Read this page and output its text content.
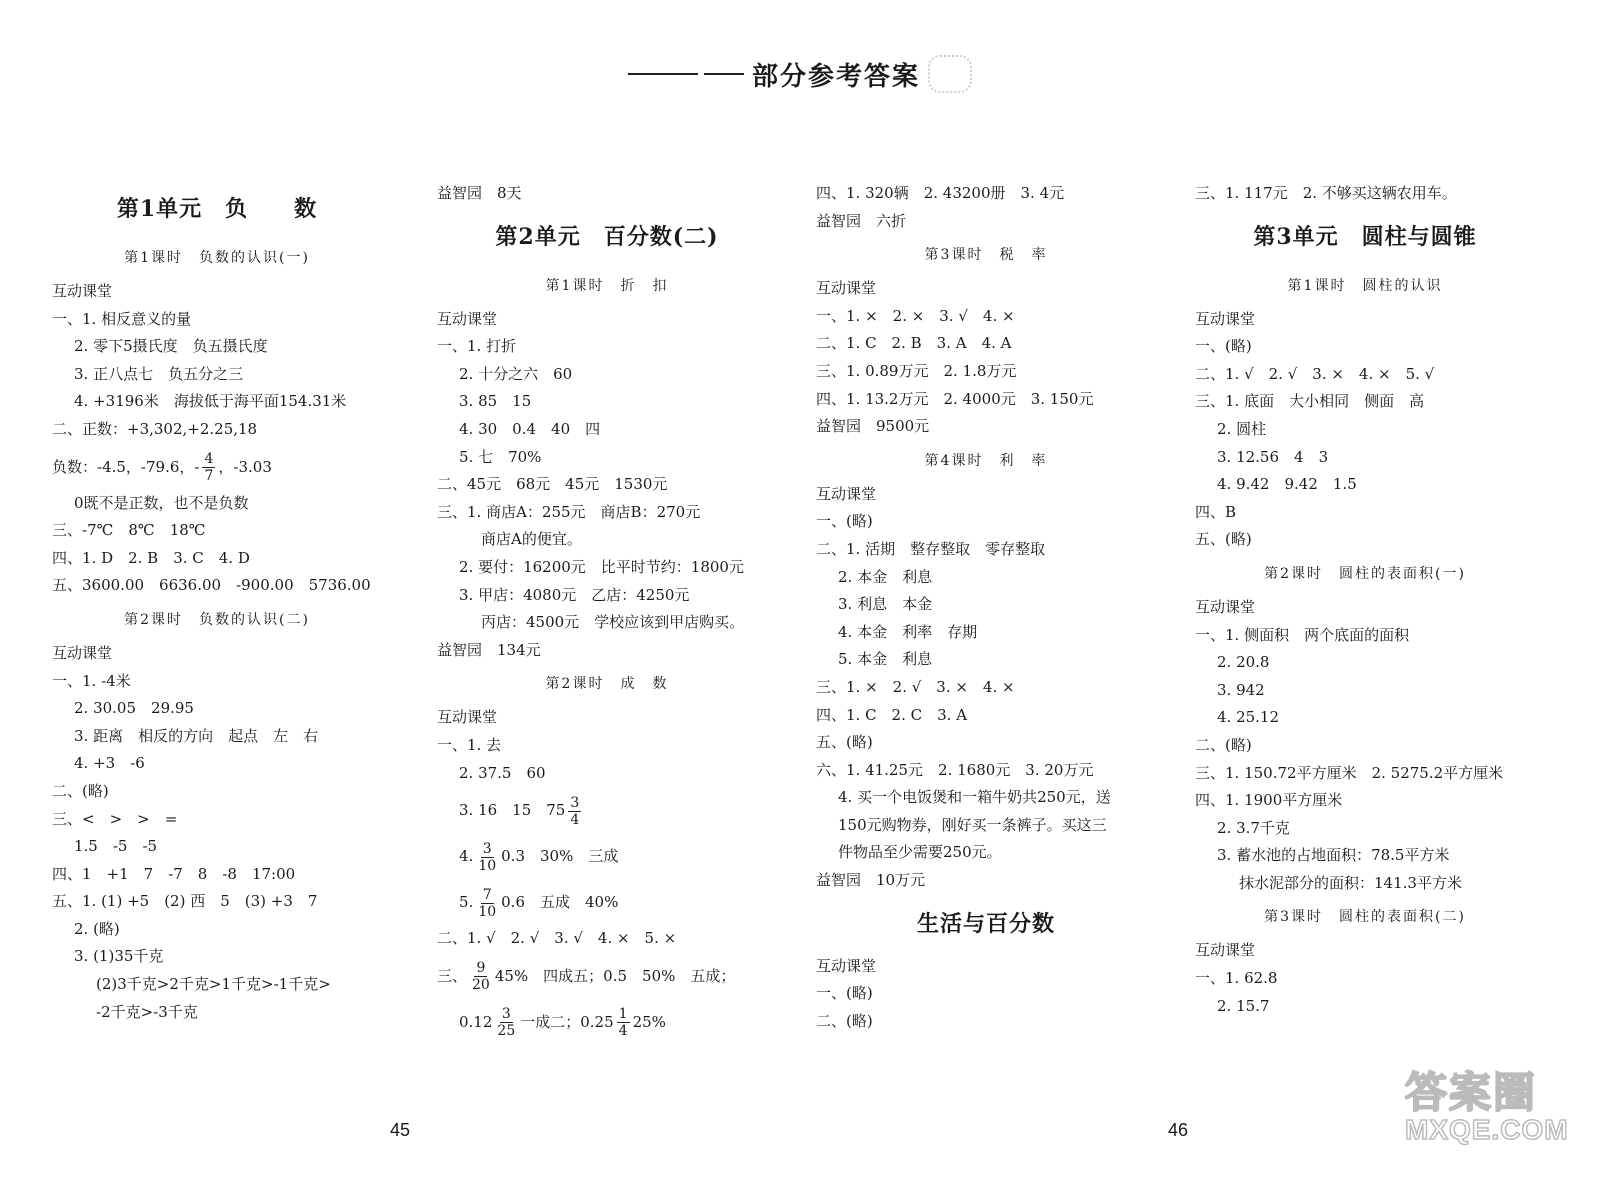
部分参考答案
第1单元　负　　数
第1课时　负数的认识(一)
互动课堂
一、1. 相反意义的量
2. 零下5摄氏度　负五摄氏度
3. 正八点七　负五分之三
4. +3196米　海拔低于海平面154.31米
二、正数：+3,302,+2.25,18
负数：-4.5，-79.6，- $\frac{4}{7}$ ，-3.03
0既不是正数，也不是负数
三、-7℃　8℃　18℃
四、1. D　2. B　3. C　4. D
五、3600.00　6636.00　-900.00　5736.00
第2课时　负数的认识(二)
互动课堂
一、1. -4米
2. 30.05　29.95
3. 距离　相反的方向　起点　左　右
4. +3　-6
二、(略)
三、<　>　>　=
1.5　-5　-5
四、1　+1　7　-7　8　-8　17:00
五、1. (1) +5　(2) 西　5　(3) +3　7
2. (略)
3. (1)35千克
(2)3千克>2千克>1千克>-1千克>
-2千克>-3千克
益智园　8天
第2单元　百分数(二)
第1课时　折　扣
互动课堂
一、1. 打折
2. 十分之六　60
3. 85　15
4. 30　0.4　40　四
5. 七　70%
二、45元　68元　45元　1530元
三、1. 商店A：255元　商店B：270元
商店A的便宜。
2. 要付：16200元　比平时节约：1800元
3. 甲店：4080元　乙店：4250元
丙店：4500元　学校应该到甲店购买。
益智园　134元
第2课时　成　数
互动课堂
一、1. 去
2. 37.5　60
3. 16　15　$75 \frac{3}{4}$
4. $\frac{3}{10} 0.3$　30%　三成
5. $\frac{7}{10} 0.6$　五成　40%
二、1. √　2. √　3. √　4. ×　5. ×
三、 $\frac{9}{20} 45\%$　四成五；0.5　50%　五成；
$0.12 \frac{3}{25}$ 一成二；$0.25 \frac{1}{4} 25\%$
四、1. 320辆　2. 43200册　3. 4元
益智园　六折
第3课时　税　率
互动课堂
一、1. ×　2. ×　3. √　4. ×
二、1. C　2. B　3. A　4. A
三、1. 0.89万元　2. 1.8万元
四、1. 13.2万元　2. 4000元　3. 150元
益智园　9500元
第4课时　利　率
互动课堂
一、(略)
二、1. 活期　整存整取　零存整取
2. 本金　利息
3. 利息　本金
4. 本金　利率　存期
5. 本金　利息
三、1. ×　2. √　3. ×　4. ×
四、1. C　2. C　3. A
五、(略)
六、1. 41.25元　2. 1680元　3. 20万元
4. 买一个电饭煲和一箱牛奶共250元，送
150元购物券，刚好买一条裤子。买这三
件物品至少需要250元。
益智园　10万元
生活与百分数
互动课堂
一、(略)
二、(略)
三、1. 117元　2. 不够买这辆农用车。
第3单元　圆柱与圆锥
第1课时　圆柱的认识
互动课堂
一、(略)
二、1. √　2. √　3. ×　4. ×　5. √
三、1. 底面　大小相同　侧面　高
2. 圆柱
3. 12.56　4　3
4. 9.42　9.42　1.5
四、B
五、(略)
第2课时　圆柱的表面积(一)
互动课堂
一、1. 侧面积　两个底面的面积
2. 20.8
3. 942
4. 25.12
二、(略)
三、1. 150.72平方厘米　2. 5275.2平方厘米
四、1. 1900平方厘米
2. 3.7千克
3. 蓄水池的占地面积：78.5平方米
抹水泥部分的面积：141.3平方米
第3课时　圆柱的表面积(二)
互动课堂
一、1. 62.8
2. 15.7
45	46
答案圈
MXQE.COM
